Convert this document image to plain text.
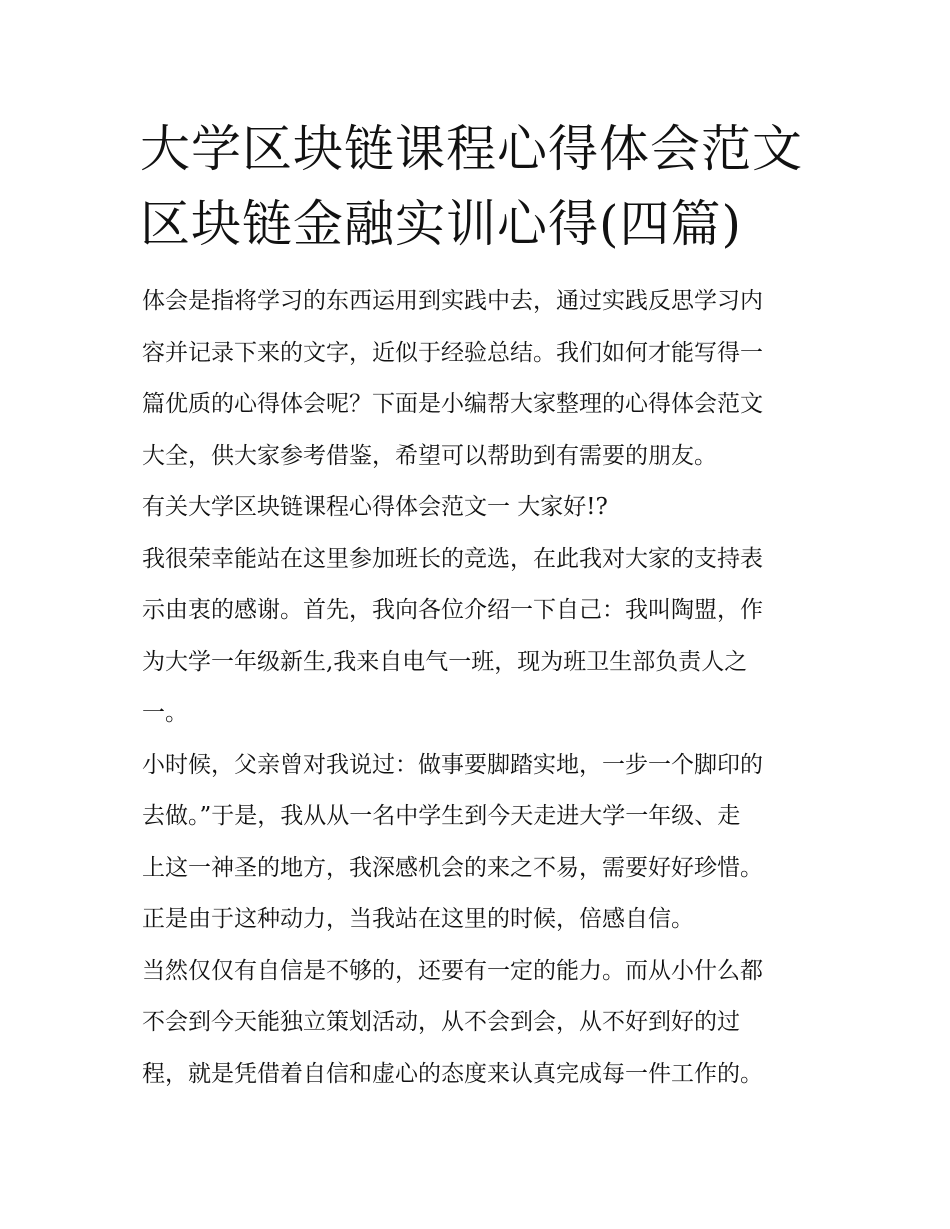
大学区块链课程心得体会范文
区块链金融实训心得(四篇)

体会是指将学习的东西运用到实践中去，通过实践反思学习内
容并记录下来的文字，近似于经验总结。我们如何才能写得一
篇优质的心得体会呢？下面是小编帮大家整理的心得体会范文
大全，供大家参考借鉴，希望可以帮助到有需要的朋友。

有关大学区块链课程心得体会范文一 大家好!?

我很荣幸能站在这里参加班长的竞选，在此我对大家的支持表
示由衷的感谢。首先，我向各位介绍一下自己：我叫陶盟，作
为大学一年级新生,我来自电气一班，现为班卫生部负责人之
一。

小时候，父亲曾对我说过：做事要脚踏实地，一步一个脚印的
去做。”于是，我从从一名中学生到今天走进大学一年级、走
上这一神圣的地方，我深感机会的来之不易，需要好好珍惜。
正是由于这种动力，当我站在这里的时候，倍感自信。

当然仅仅有自信是不够的，还要有一定的能力。而从小什么都
不会到今天能独立策划活动，从不会到会，从不好到好的过
程，就是凭借着自信和虚心的态度来认真完成每一件工作的。
